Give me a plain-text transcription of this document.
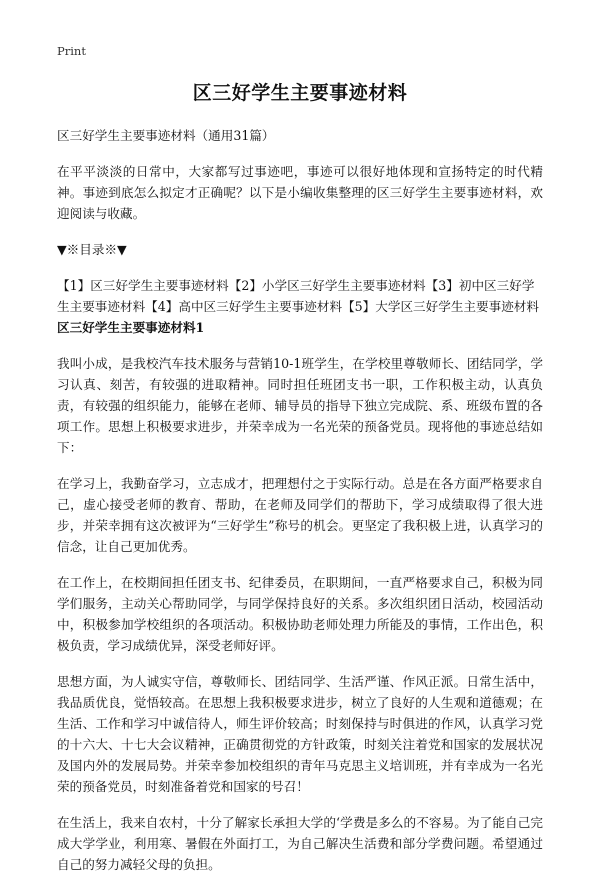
Print
区三好学生主要事迹材料

区三好学生主要事迹材料（通用31篇）

在平平淡淡的日常中，大家都写过事迹吧，事迹可以很好地体现和宣扬特定的时代精神。事迹到底怎么拟定才正确呢？以下是小编收集整理的区三好学生主要事迹材料，欢迎阅读与收藏。

▼※目录※▼

【1】区三好学生主要事迹材料【2】小学区三好学生主要事迹材料【3】初中区三好学生主要事迹材料【4】高中区三好学生主要事迹材料【5】大学区三好学生主要事迹材料区三好学生主要事迹材料1

我叫小成，是我校汽车技术服务与营销10-1班学生，在学校里尊敬师长、团结同学，学习认真、刻苦，有较强的进取精神。同时担任班团支书一职，工作积极主动，认真负责，有较强的组织能力，能够在老师、辅导员的指导下独立完成院、系、班级布置的各项工作。思想上积极要求进步，并荣幸成为一名光荣的预备党员。现将他的事迹总结如下：

在学习上，我勤奋学习，立志成才，把理想付之于实际行动。总是在各方面严格要求自己，虚心接受老师的教育、帮助，在老师及同学们的帮助下，学习成绩取得了很大进步，并荣幸拥有这次被评为“三好学生”称号的机会。更坚定了我积极上进，认真学习的信念，让自己更加优秀。

在工作上，在校期间担任团支书、纪律委员，在职期间，一直严格要求自己，积极为同学们服务，主动关心帮助同学，与同学保持良好的关系。多次组织团日活动，校园活动中，积极参加学校组织的各项活动。积极协助老师处理力所能及的事情，工作出色，积极负责，学习成绩优异，深受老师好评。

思想方面，为人诚实守信，尊敬师长、团结同学、生活严谨、作风正派。日常生活中，我品质优良，觉悟较高。在思想上我积极要求进步，树立了良好的人生观和道德观；在生活、工作和学习中诚信待人，师生评价较高；时刻保持与时俱进的作风，认真学习党的十六大、十七大会议精神，正确贯彻党的方针政策，时刻关注着党和国家的发展状况及国内外的发展局势。并荣幸参加校组织的青年马克思主义培训班，并有幸成为一名光荣的预备党员，时刻准备着党和国家的号召！

在生活上，我来自农村，十分了解家长承担大学的‘学费是多么的不容易。为了能自己完成大学学业，利用寒、暑假在外面打工，为自己解决生活费和部分学费问题。希望通过自己的努力减轻父母的负担。
